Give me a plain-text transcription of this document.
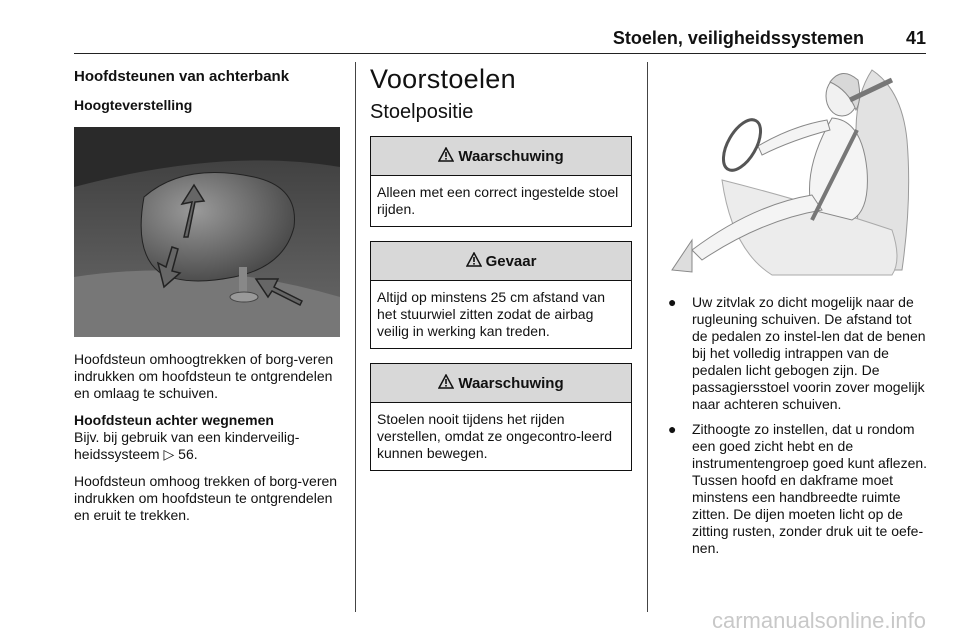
Stoelen, veiligheidssystemen 41
Hoofdsteunen van achterbank
Hoogteverstelling

Hoofdsteun omhoogtrekken of borg-veren indrukken om hoofdsteun te ontgrendelen en omlaag te schuiven.

Hoofdsteun achter wegnemen

Bijv. bij gebruik van een kinderveilig-heidssysteem ▷ 56.

Hoofdsteun omhoog trekken of borg-veren indrukken om hoofdsteun te ontgrendelen en eruit te trekken.

Voorstoelen
Stoelpositie
Waarschuwing
Alleen met een correct ingestelde stoel rijden.
Gevaar
Altijd op minstens 25 cm afstand van het stuurwiel zitten zodat de airbag veilig in werking kan treden.
Waarschuwing
Stoelen nooit tijdens het rijden verstellen, omdat ze ongecontro-leerd kunnen bewegen.
● Uw zitvlak zo dicht mogelijk naar de rugleuning schuiven. De afstand tot de pedalen zo instel-len dat de benen bij het volledig intrappen van de pedalen licht gebogen zijn. De passagiersstoel voorin zover mogelijk naar achteren schuiven.
● Zithoogte zo instellen, dat u rondom een goed zicht hebt en de instrumentengroep goed kunt aflezen. Tussen hoofd en dakframe moet minstens een handbreedte ruimte zitten. De dijen moeten licht op de zitting rusten, zonder druk uit te oefe-nen.
carmanualsonline.info
